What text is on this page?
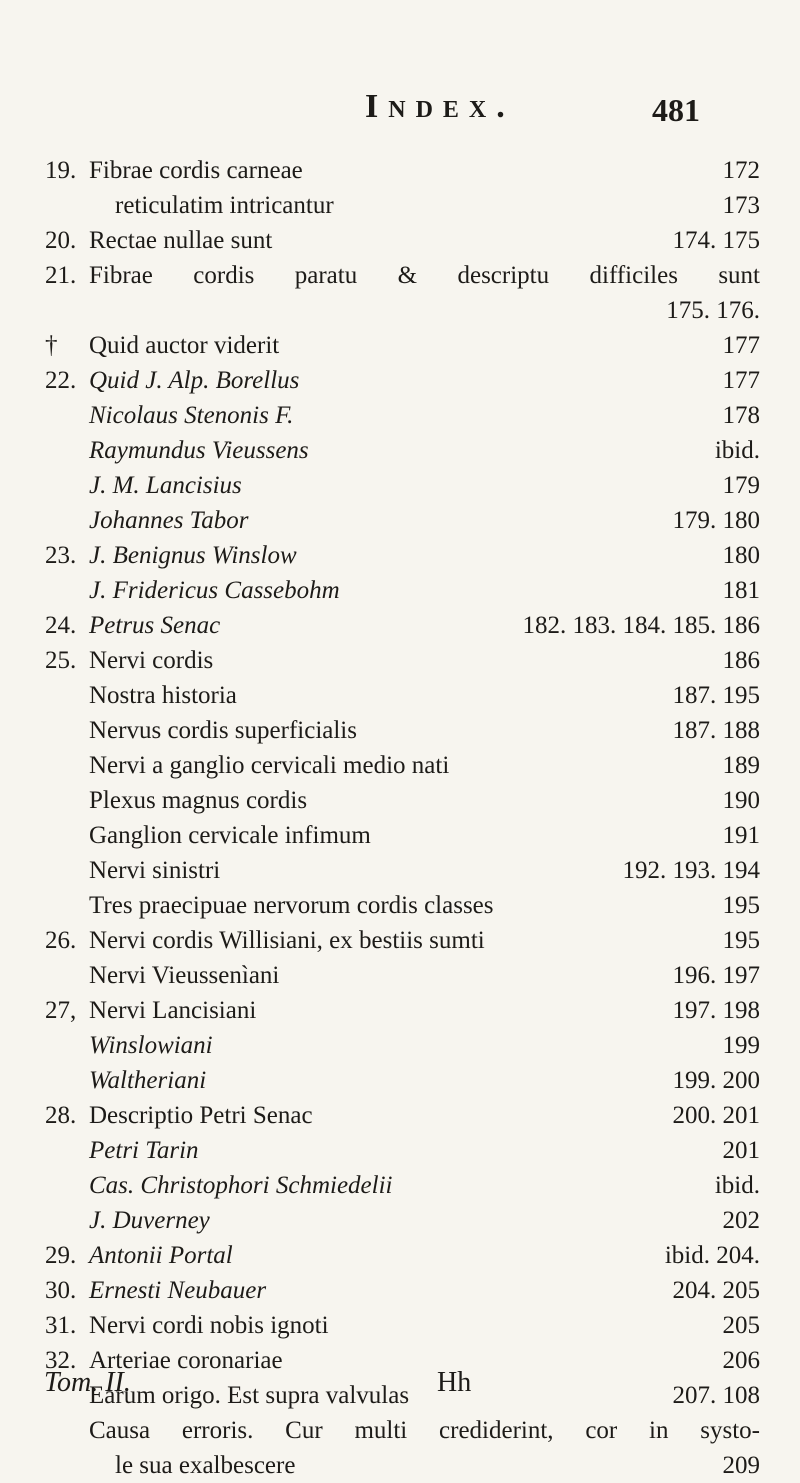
Index.	481
19. Fibrae cordis carneae	172
reticulatim intricantur	173
20. Rectae nullae sunt	174. 175
21. Fibrae cordis paratu & descriptu difficiles sunt
175. 176.
†	Quid auctor viderit	177
22. Quid J. Alp. Borellus	177
Nicolaus Stenonis F.	178
Raymundus Vieussens	ibid.
J. M. Lancisius	179
Johannes Tabor	179. 180
23. J. Benignus Winslow	180
J. Fridericus Cassebohm	181
24. Petrus Senac	182. 183. 184. 185. 186
25. Nervi cordis	186
Nostra historia	187. 195
Nervus cordis superficialis	187. 188
Nervi a ganglio cervicali medio nati	189
Plexus magnus cordis	190
Ganglion cervicale infimum	191
Nervi sinistri	192. 193. 194
Tres praecipuae nervorum cordis classes	195
26. Nervi cordis Willisiani, ex bestiis sumti	195
Nervi Vieussenìani	196. 197
27, Nervi Lancisiani	197. 198
Winslowiani	199
Waltheriani	199. 200
28. Descriptio Petri Senac	200. 201
Petri Tarin	201
Cas. Christophori Schmiedelii	ibid.
J. Duverney	202
29. Antonii Portal	ibid. 204.
30. Ernesti Neubauer	204. 205
31. Nervi cordi nobis ignoti	205
32. Arteriae coronariae	206
Earum origo. Est supra valvulas	207. 108
Causa erroris. Cur multi crediderint, cor in systo-
le sua exalbescere	209
Tom. II.	Hh
